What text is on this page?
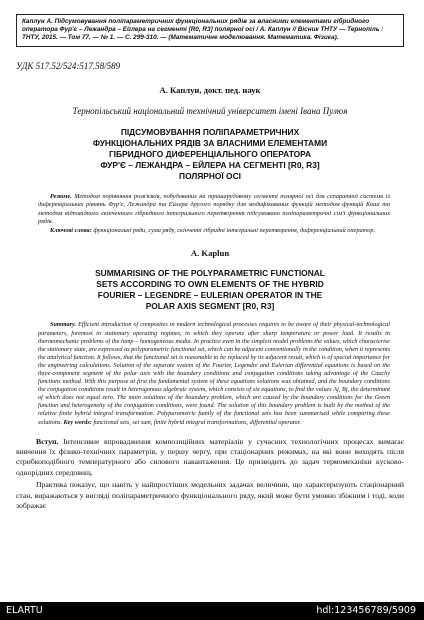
Каплун А. Підсумовування поліпараметричних функціональних рядів за власними елементами гібридного оператора Фур'є – Лежандра – Ейлера на сегменті [R0, R3] полярної осі / А. Каплун // Вісник ТНТУ — Тернопіль : ТНТУ, 2015. — Том 77. — № 1. — С. 299-310. — (Математичне моделювання. Математика. Фізика).
УДК 517.52/524:517.58/589
А. Каплун, докт. пед. наук
Тернопільський національний технічний університет імені Івана Пулюя
ПІДСУМОВУВАННЯ ПОЛІПАРАМЕТРИЧНИХ
ФУНКЦІОНАЛЬНИХ РЯДІВ ЗА ВЛАСНИМИ ЕЛЕМЕНТАМИ
ГІБРИДНОГО ДИФЕРЕНЦІАЛЬНОГО ОПЕРАТОРА
ФУР'Є – ЛЕЖАНДРА – ЕЙЛЕРА НА СЕГМЕНТІ [R0, R3]
ПОЛЯРНОЇ ОСІ
Резюме. Методом порівняння розв'язків, побудованих на тришарудовому сегменті полярної осі для сепаратної системи із диференціальних рівнянь Фур'є, Лежандра та Ейлера другого порядку для модифікованих функцій методом функцій Коші та методом відповідного скінченного гібридного інтегрального перетворення підсумовано поліпараметричні сім'ї функціональних рядів.
Ключові слова: функціональні ряди, сума ряду, скінченні гібридні інтегральні перетворення, диференціальний оператор.
A. Kaplun
SUMMARISING OF THE POLYPARAMETRIC FUNCTIONAL
SETS ACCORDING TO OWN ELEMENTS OF THE HYBRID
FOURIER – LEGENDRE – EULERIAN OPERATOR IN THE
POLAR AXIS SEGMENT [R0, R3]
Summary. Efficient introduction of composites in modern technological processes requires to be aware of their physical-technological parameters, foremost in stationary operating regimes, in which they operate after sharp temperature or power load. It results in thermomechanic problems of the lump – homogeneous media. In practice even in the simplest model problems the values, which characterise the stationary state, are expressed as polyparametric functional set, which can be adjacent conventionally in the condition, when it represents the analytical function. It follows, that the functional set is reasonable to be replaced by its adjacent result, which is of special importance for the engineering calculations. Solution of the separate system of the Fourier, Legendre and Eulerian differential equations is based on the three-component segment of the polar axis with the boundary conditions and conjugation conditions taking advantage of the Cauchy functions method. With this purpose at first the fundamental system of these equations solutions was obtained, and the boundary conditions the conjugation conditions result in heterogonous algebraic system, which consists of six equations, to find the values Aj, Bj, the determinant of which does not equal zero. The main solutions of the boundary problem, which are caused by the boundary conditions for the Green function and heterogeneity of the conjugation conditions, were found. The solution of this boundary problem is built by the method of the relative finite hybrid integral transformation. Polyparametric family of the functional sets has been summarised while comparing these solutions. Key words: functional sets, set sum, finite hybrid integral transformations, differential operator.
Вступ. Інтенсивне впровадження композиційних матеріалів у сучасних технологічних процесах вимагає вивчення їх фізико-технічних параметрів, у першу чергу, при стаціонарних режимах, на які вони виходять після стрибкоподібного температурного або силового навантаження. Це призводить до задач термомеханіки кусково-однорідних середовищ.
Практика показує, що навіть у найпростіших модельних задачах величини, що характеризують стаціонарний стан, виражаються у вигляді поліпараметричного функціонального ряду, який може бути умовно збіжним і тоді, коли зображає
ELARTU	hdl:123456789/5909
